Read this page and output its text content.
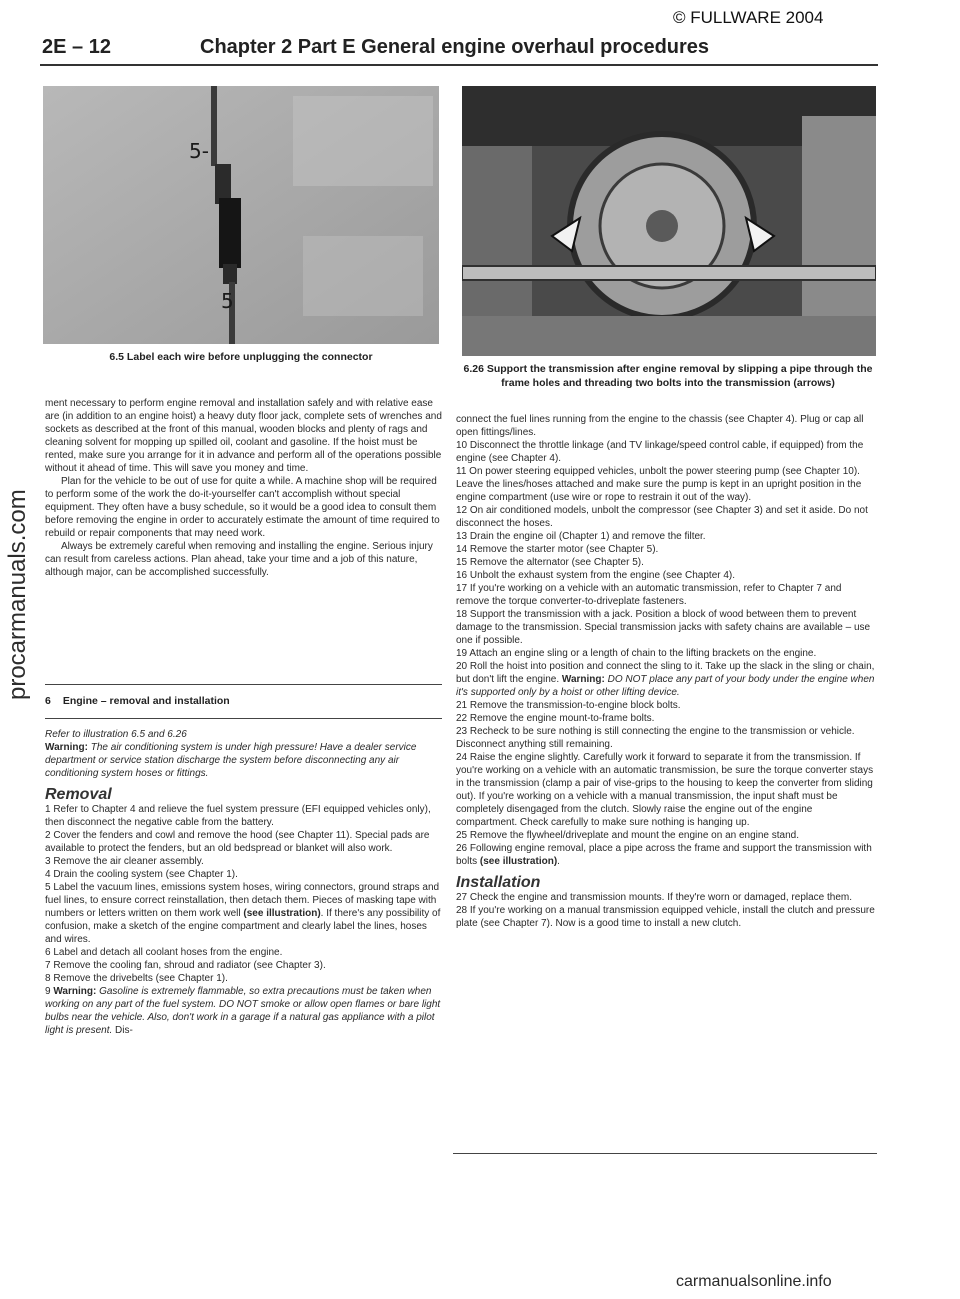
© FULLWARE 2004
2E – 12	Chapter 2 Part E General engine overhaul procedures
procarmanuals.com
5-
5
6.5 Label each wire before unplugging the connector
6.26 Support the transmission after engine removal by slipping a pipe through the frame holes and threading two bolts into the transmission (arrows)

ment necessary to perform engine removal and installation safely and with relative ease are (in addition to an engine hoist) a heavy duty floor jack, complete sets of wrenches and sockets as described at the front of this manual, wooden blocks and plenty of rags and cleaning solvent for mopping up spilled oil, coolant and gasoline. If the hoist must be rented, make sure you arrange for it in advance and perform all of the operations possible without it ahead of time. This will save you money and time.

Plan for the vehicle to be out of use for quite a while. A machine shop will be required to perform some of the work the do-it-yourselfer can't accomplish without special equipment. They often have a busy schedule, so it would be a good idea to consult them before removing the engine in order to accurately estimate the amount of time required to rebuild or repair components that may need work.

Always be extremely careful when removing and installing the engine. Serious injury can result from careless actions. Plan ahead, take your time and a job of this nature, although major, can be accomplished successfully.

6 Engine – removal and installation

Refer to illustration 6.5 and 6.26

Warning: The air conditioning system is under high pressure! Have a dealer service department or service station discharge the system before disconnecting any air conditioning system hoses or fittings.

Removal

1 Refer to Chapter 4 and relieve the fuel system pressure (EFI equipped vehicles only), then disconnect the negative cable from the battery.

2 Cover the fenders and cowl and remove the hood (see Chapter 11). Special pads are available to protect the fenders, but an old bedspread or blanket will also work.

3 Remove the air cleaner assembly.

4 Drain the cooling system (see Chapter 1).

5 Label the vacuum lines, emissions system hoses, wiring connectors, ground straps and fuel lines, to ensure correct reinstallation, then detach them. Pieces of masking tape with numbers or letters written on them work well (see illustration). If there's any possibility of confusion, make a sketch of the engine compartment and clearly label the lines, hoses and wires.

6 Label and detach all coolant hoses from the engine.

7 Remove the cooling fan, shroud and radiator (see Chapter 3).

8 Remove the drivebelts (see Chapter 1).

9 Warning: Gasoline is extremely flammable, so extra precautions must be taken when working on any part of the fuel system. DO NOT smoke or allow open flames or bare light bulbs near the vehicle. Also, don't work in a garage if a natural gas appliance with a pilot light is present. Dis-

connect the fuel lines running from the engine to the chassis (see Chapter 4). Plug or cap all open fittings/lines.

10 Disconnect the throttle linkage (and TV linkage/speed control cable, if equipped) from the engine (see Chapter 4).

11 On power steering equipped vehicles, unbolt the power steering pump (see Chapter 10). Leave the lines/hoses attached and make sure the pump is kept in an upright position in the engine compartment (use wire or rope to restrain it out of the way).

12 On air conditioned models, unbolt the compressor (see Chapter 3) and set it aside. Do not disconnect the hoses.

13 Drain the engine oil (Chapter 1) and remove the filter.

14 Remove the starter motor (see Chapter 5).

15 Remove the alternator (see Chapter 5).

16 Unbolt the exhaust system from the engine (see Chapter 4).

17 If you're working on a vehicle with an automatic transmission, refer to Chapter 7 and remove the torque converter-to-driveplate fasteners.

18 Support the transmission with a jack. Position a block of wood between them to prevent damage to the transmission. Special transmission jacks with safety chains are available – use one if possible.

19 Attach an engine sling or a length of chain to the lifting brackets on the engine.

20 Roll the hoist into position and connect the sling to it. Take up the slack in the sling or chain, but don't lift the engine. Warning: DO NOT place any part of your body under the engine when it's supported only by a hoist or other lifting device.

21 Remove the transmission-to-engine block bolts.

22 Remove the engine mount-to-frame bolts.

23 Recheck to be sure nothing is still connecting the engine to the transmission or vehicle. Disconnect anything still remaining.

24 Raise the engine slightly. Carefully work it forward to separate it from the transmission. If you're working on a vehicle with an automatic transmission, be sure the torque converter stays in the transmission (clamp a pair of vise-grips to the housing to keep the converter from sliding out). If you're working on a vehicle with a manual transmission, the input shaft must be completely disengaged from the clutch. Slowly raise the engine out of the engine compartment. Check carefully to make sure nothing is hanging up.

25 Remove the flywheel/driveplate and mount the engine on an engine stand.

26 Following engine removal, place a pipe across the frame and support the transmission with bolts (see illustration).

Installation

27 Check the engine and transmission mounts. If they're worn or damaged, replace them.

28 If you're working on a manual transmission equipped vehicle, install the clutch and pressure plate (see Chapter 7). Now is a good time to install a new clutch.

carmanualsonline.info
